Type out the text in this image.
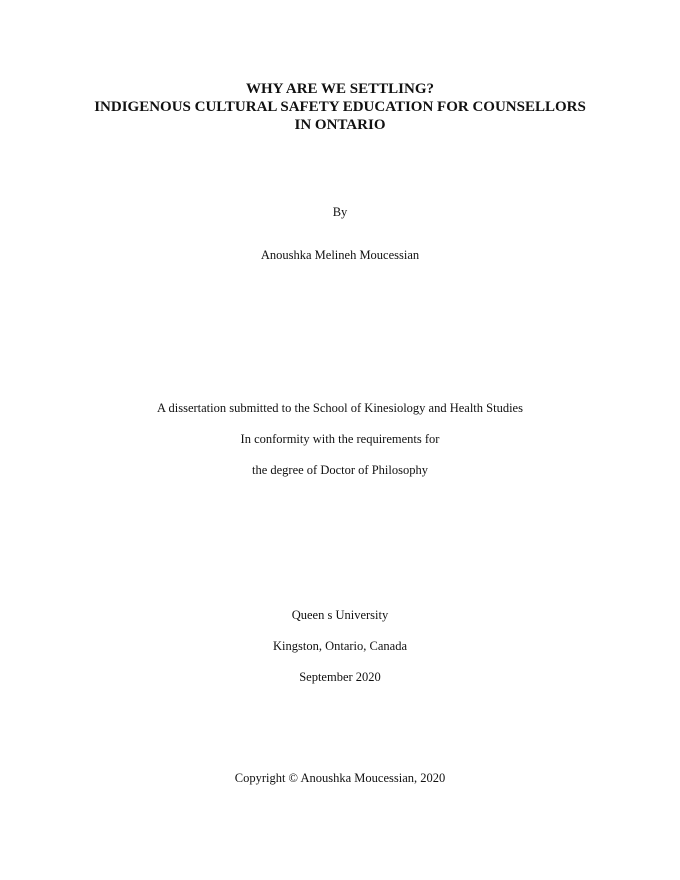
WHY ARE WE SETTLING?
INDIGENOUS CULTURAL SAFETY EDUCATION FOR COUNSELLORS
IN ONTARIO
By
Anoushka Melineh Moucessian
A dissertation submitted to the School of Kinesiology and Health Studies
In conformity with the requirements for
the degree of Doctor of Philosophy
Queen s University
Kingston, Ontario, Canada
September 2020
Copyright © Anoushka Moucessian, 2020
